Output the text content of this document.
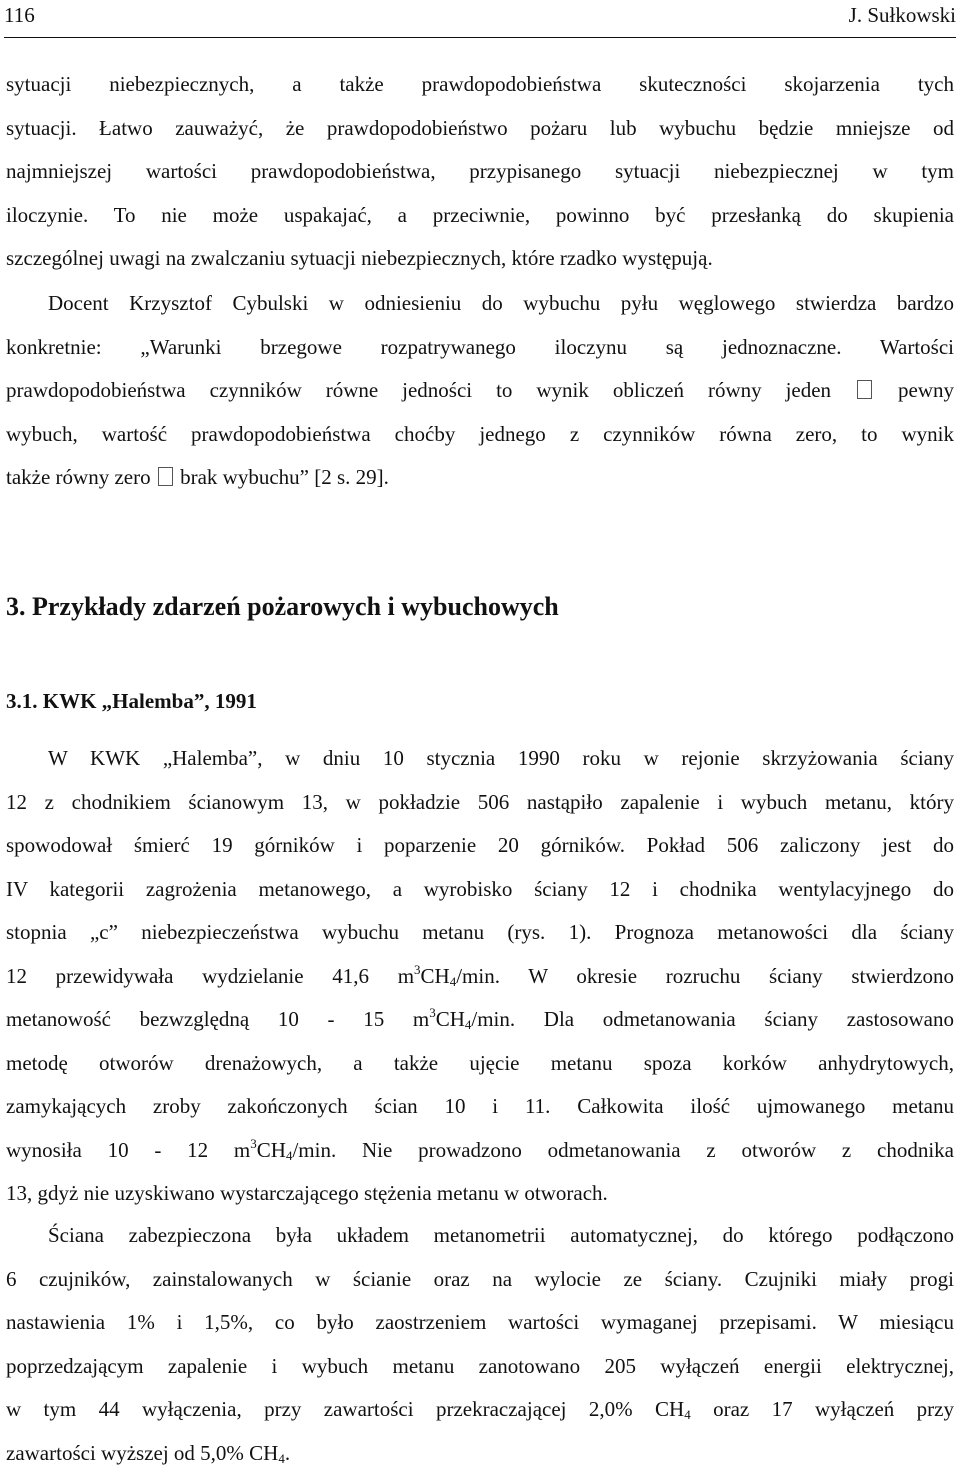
116	J. Sułkowski
sytuacji niebezpiecznych, a także prawdopodobieństwa skuteczności skojarzenia tych
sytuacji. Łatwo zauważyć, że prawdopodobieństwo pożaru lub wybuchu będzie mniejsze od
najmniejszej wartości prawdopodobieństwa, przypisanego sytuacji niebezpiecznej w tym
iloczynie. To nie może uspakajać, a przeciwnie, powinno być przesłanką do skupienia
szczególnej uwagi na zwalczaniu sytuacji niebezpiecznych, które rzadko występują.
Docent Krzysztof Cybulski w odniesieniu do wybuchu pyłu węglowego stwierdza bardzo
konkretnie: „Warunki brzegowe rozpatrywanego iloczynu są jednoznaczne. Wartości
prawdopodobieństwa czynników równe jedności to wynik obliczeń równy jeden	pewny
wybuch, wartość prawdopodobieństwa choćby jednego z czynników równa zero, to wynik
także równy zero brak wybuchu” [2 s. 29].
3. Przykłady zdarzeń pożarowych i wybuchowych
3.1. KWK „Halemba”, 1991
W KWK „Halemba”, w dniu 10 stycznia 1990 roku w rejonie skrzyżowania ściany
12 z chodnikiem ścianowym 13, w pokładzie 506 nastąpiło zapalenie i wybuch metanu, który
spowodował śmierć 19 górników i poparzenie 20 górników. Pokład 506 zaliczony jest do
IV kategorii zagrożenia metanowego, a wyrobisko ściany 12 i chodnika wentylacyjnego do
stopnia „c” niebezpieczeństwa wybuchu metanu (rys. 1). Prognoza metanowości dla ściany
12 przewidywała wydzielanie 41,6 $m^3CH_4/\min$. W okresie rozruchu ściany stwierdzono
metanowość bezwzględną 10 - 15 $m^3CH_4/\min$. Dla odmetanowania ściany zastosowano
metodę otworów drenażowych, a także ujęcie metanu spoza korków anhydrytowych,
zamykających zroby zakończonych ścian 10 i 11. Całkowita ilość ujmowanego metanu
wynosiła 10 - 12 $m^3CH_4/\min$. Nie prowadzono odmetanowania z otworów z chodnika
13, gdyż nie uzyskiwano wystarczającego stężenia metanu w otworach.
Ściana zabezpieczona była układem metanometrii automatycznej, do którego podłączono
6 czujników, zainstalowanych w ścianie oraz na wylocie ze ściany. Czujniki miały progi
nastawienia 1% i 1,5%, co było zaostrzeniem wartości wymaganej przepisami. W miesiącu
poprzedzającym zapalenie i wybuch metanu zanotowano 205 wyłączeń energii elektrycznej,
w tym 44 wyłączenia, przy zawartości przekraczającej 2,0% $CH_4$ oraz 17 wyłączeń przy
zawartości wyższej od 5,0% $CH_4$.
